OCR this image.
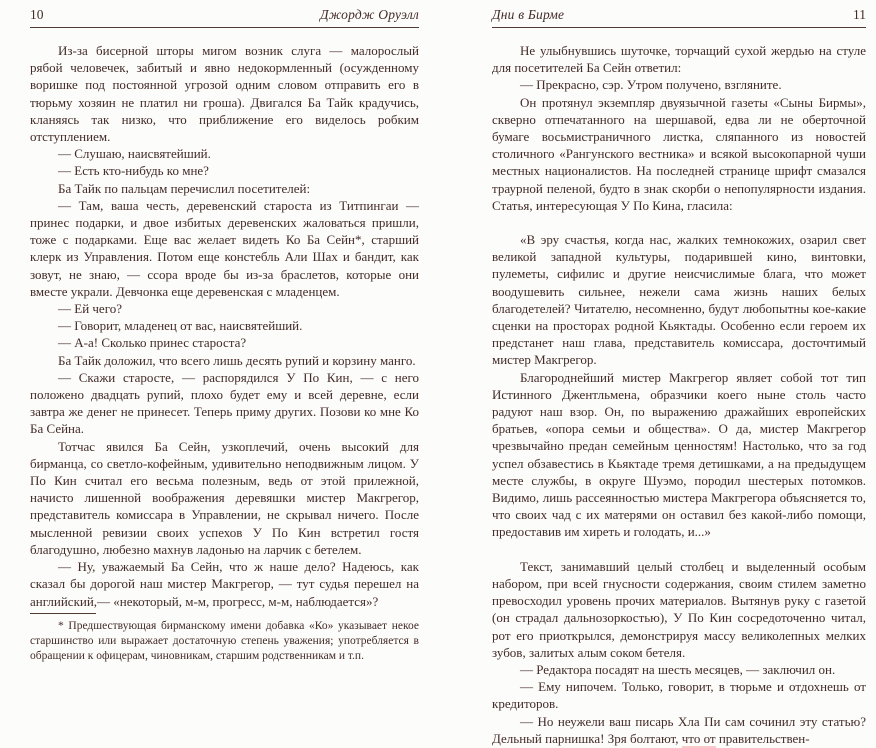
10	Джордж Оруэлл

Из-за бисерной шторы мигом возник слуга — малорослый рябой человечек, забитый и явно недокормленный (осужденному воришке под постоянной угрозой одним словом отправить его в тюрьму хозяин не платил ни гроша). Двигался Ба Тайк крадучись, кланяясь так низко, что приближение его виделось робким отступлением.

— Слушаю, наисвятейший.

— Есть кто-нибудь ко мне?

Ба Тайк по пальцам перечислил посетителей:

— Там, ваша честь, деревенский староста из Титпингаи — принес подарки, и двое избитых деревенских жаловаться пришли, тоже с подарками. Еще вас желает видеть Ко Ба Сейн*, старший клерк из Управления. Потом еще констебль Али Шах и бандит, как зовут, не знаю, — ссора вроде бы из-за браслетов, которые они вместе украли. Девчонка еще деревенская с младенцем.

— Ей чего?

— Говорит, младенец от вас, наисвятейший.

— А-а! Сколько принес староста?

Ба Тайк доложил, что всего лишь десять рупий и корзину манго.

— Скажи старосте, — распорядился У По Кин, — с него положено двадцать рупий, плохо будет ему и всей деревне, если завтра же денег не принесет. Теперь приму других. Позови ко мне Ко Ба Сейна.

Тотчас явился Ба Сейн, узкоплечий, очень высокий для бирманца, со светло-кофейным, удивительно неподвижным лицом. У По Кин считал его весьма полезным, ведь от этой прилежной, начисто лишенной воображения деревяшки мистер Макгрегор, представитель комиссара в Управлении, не скрывал ничего. После мысленной ревизии своих успехов У По Кин встретил гостя благодушно, любезно махнув ладонью на ларчик с бетелем.

— Ну, уважаемый Ба Сейн, что ж наше дело? Надеюсь, как сказал бы дорогой наш мистер Макгрегор, — тут судья перешел на английский,— «некоторый, м-м, прогресс, м-м, наблюдается»?

* Предшествующая бирманскому имени добавка «Ко» указывает некое старшинство или выражает достаточную степень уважения; употребляется в обращении к офицерам, чиновникам, старшим родственникам и т.п.

Дни в Бирме	11

Не улыбнувшись шуточке, торчащий сухой жердью на стуле для посетителей Ба Сейн ответил:

— Прекрасно, сэр. Утром получено, взгляните.

Он протянул экземпляр двуязычной газеты «Сыны Бирмы», скверно отпечатанного на шершавой, едва ли не оберточной бумаге восьмистраничного листка, сляпанного из новостей столичного «Рангунского вестника» и всякой высокопарной чуши местных националистов. На последней странице шрифт смазался траурной пеленой, будто в знак скорби о непопулярности издания. Статья, интересующая У По Кина, гласила:

«В эру счастья, когда нас, жалких темнокожих, озарил свет великой западной культуры, подарившей кино, винтовки, пулеметы, сифилис и другие неисчислимые блага, что может воодушевить сильнее, нежели сама жизнь наших белых благодетелей? Читателю, несомненно, будут любопытны кое-какие сценки на просторах родной Кьяктады. Особенно если героем их предстанет наш глава, представитель комиссара, досточтимый мистер Макгрегор.

Благороднейший мистер Макгрегор являет собой тот тип Истинного Джентльмена, образчики коего ныне столь часто радуют наш взор. Он, по выражению дражайших европейских братьев, «опора семьи и общества». О да, мистер Макгрегор чрезвычайно предан семейным ценностям! Настолько, что за год успел обзавестись в Кьяктаде тремя детишками, а на предыдущем месте службы, в округе Шуэмо, породил шестерых потомков. Видимо, лишь рассеянностью мистера Макгрегора объясняется то, что своих чад с их матерями он оставил без какой-либо помощи, предоставив им хиреть и голодать, и...»

Текст, занимавший целый столбец и выделенный особым набором, при всей гнусности содержания, своим стилем заметно превосходил уровень прочих материалов. Вытянув руку с газетой (он страдал дальнозоркостью), У По Кин сосредоточенно читал, рот его приоткрылся, демонстрируя массу великолепных мелких зубов, залитых алым соком бетеля.

— Редактора посадят на шесть месяцев, — заключил он.

— Ему нипочем. Только, говорит, в тюрьме и отдохнешь от кредиторов.

— Но неужели ваш писарь Хла Пи сам сочинил эту статью? Дельный парнишка! Зря болтают, что от правительствен-
